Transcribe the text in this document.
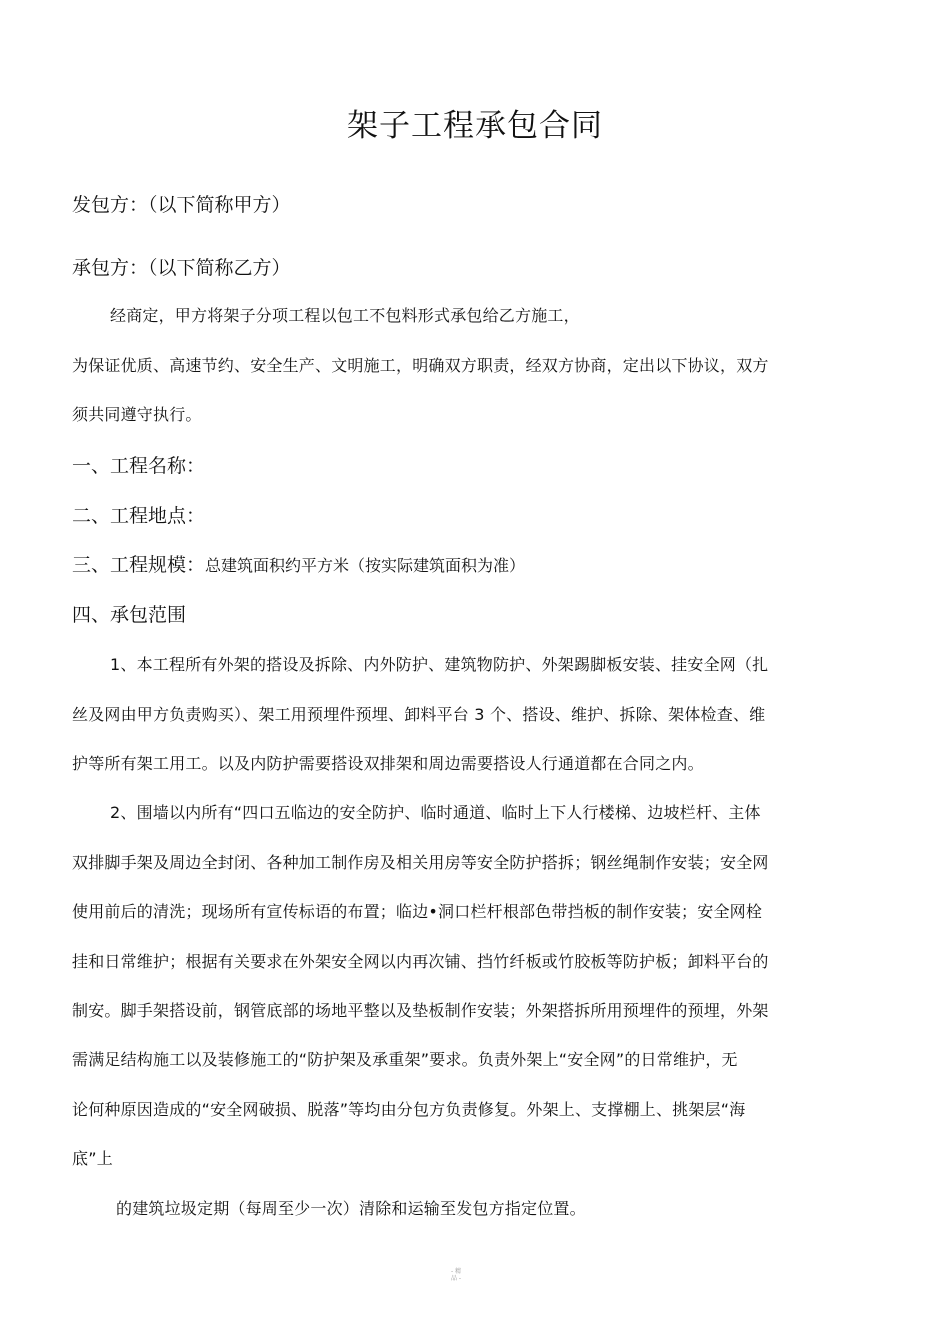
架子工程承包合同

发包方：（以下简称甲方）

承包方：（以下简称乙方）

经商定，甲方将架子分项工程以包工不包料形式承包给乙方施工，

为保证优质、高速节约、安全生产、文明施工，明确双方职责，经双方协商，定出以下协议，双方

须共同遵守执行。

一、工程名称：

二、工程地点：

三、工程规模：总建筑面积约平方米（按实际建筑面积为准）

四、承包范围

1、本工程所有外架的搭设及拆除、内外防护、建筑物防护、外架踢脚板安装、挂安全网（扎

丝及网由甲方负责购买）、架工用预埋件预埋、卸料平台 3 个、搭设、维护、拆除、架体检查、维

护等所有架工用工。以及内防护需要搭设双排架和周边需要搭设人行通道都在合同之内。

2、围墙以内所有“四口五临边的安全防护、临时通道、临时上下人行楼梯、边坡栏杆、主体

双排脚手架及周边全封闭、各种加工制作房及相关用房等安全防护搭拆；钢丝绳制作安装；安全网

使用前后的清洗；现场所有宣传标语的布置；临边•洞口栏杆根部色带挡板的制作安装；安全网栓

挂和日常维护；根据有关要求在外架安全网以内再次铺、挡竹纤板或竹胶板等防护板；卸料平台的

制安。脚手架搭设前，钢管底部的场地平整以及垫板制作安装；外架搭拆所用预埋件的预埋，外架

需满足结构施工以及装修施工的“防护架及承重架”要求。负责外架上“安全网”的日常维护，无

论何种原因造成的“安全网破损、脱落”等均由分包方负责修复。外架上、支撑棚上、挑架层“海

底”上

的建筑垃圾定期（每周至少一次）清除和运输至发包方指定位置。

- 精
品 -
